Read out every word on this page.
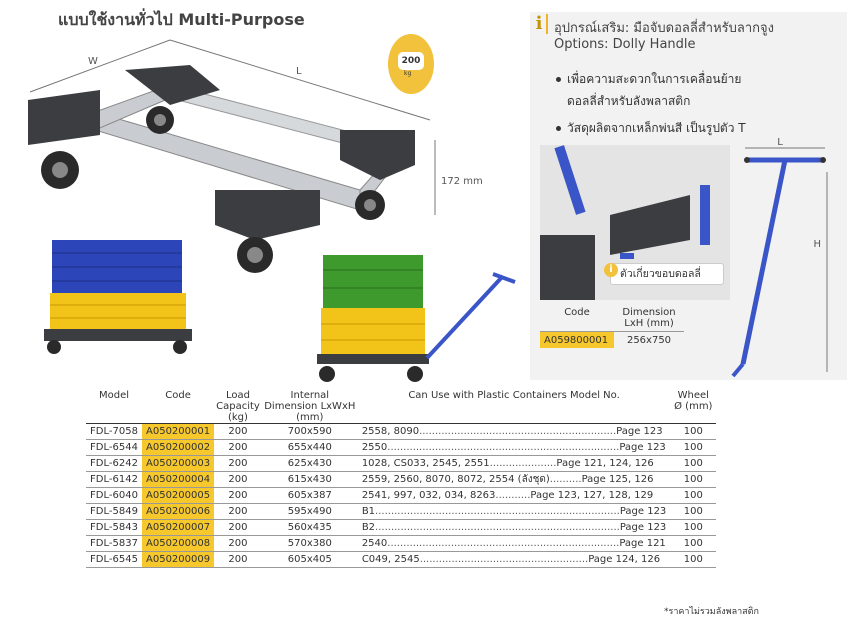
แบบใช้งานทั่วไป Multi-Purpose
W
L
172 mm
200
kg
i อุปกรณ์เสริม: มือจับดอลลี่สำหรับลากจูง
Options: Dolly Handle
เพื่อความสะดวกในการเคลื่อนย้าย
ดอลลี่สำหรับลังพลาสติก
วัสดุผลิตจากเหล็กพ่นสี เป็นรูปตัว T
i ตัวเกี่ยวขอบดอลลี่
L
H
Code	Dimension LxH (mm)
A059800001	256x750
Model	Code	Load Capacity (kg)	Internal Dimension LxWxH (mm)	Can Use with Plastic Containers Model No.	Wheel Ø (mm)
FDL-7058	A050200001	200	700x590	2558, 8090..............................................................Page 123	100
FDL-6544	A050200002	200	655x440	2550.........................................................................Page 123	100
FDL-6242	A050200003	200	625x430	1028, CS033, 2545, 2551.....................Page 121, 124, 126	100
FDL-6142	A050200004	200	615x430	2559, 2560, 8070, 8072, 2554 (ลังชุด)..........Page 125, 126	100
FDL-6040	A050200005	200	605x387	2541, 997, 032, 034, 8263...........Page 123, 127, 128, 129	100
FDL-5849	A050200006	200	595x490	B1.............................................................................Page 123	100
FDL-5843	A050200007	200	560x435	B2.............................................................................Page 123	100
FDL-5837	A050200008	200	570x380	2540.........................................................................Page 121	100
FDL-6545	A050200009	200	605x405	C049, 2545.....................................................Page 124, 126	100
*ราคาไม่รวมลังพลาสติก
